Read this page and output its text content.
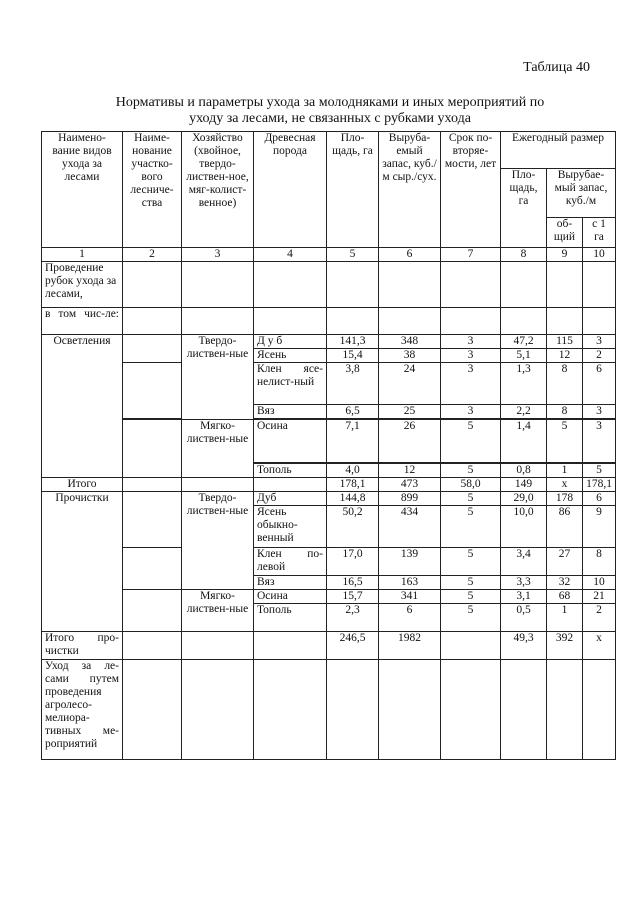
Таблица 40
Нормативы и параметры ухода за молодняками и иных мероприятий по
уходу за лесами, не связанных с рубками ухода
Наимено-вание видов ухода за лесами	Наиме-нование участко-вого лесниче-ства	Хозяйство (хвойное, твердо-листвен-ное, мяг-колист-венное)	Древесная порода	Пло-щадь, га	Выруба-емый запас, куб./м сыр./сух.	Срок по-вторяе-мости, лет	Ежегодный размер		
							Пло-щадь, га	Вырубае-мый запас, куб./м	
								об-щий	с 1 га
1	2	3	4	5	6	7	8	9	10
Проведение рубок ухода за лесами,									
в том чис-ле:									
Осветления		Твердо-листвен-ные	Д у б	141,3	348	3	47,2	115	3
			Ясень	15,4	38	3	5,1	12	2
			Клен ясе-нелист-ный	3,8	24	3	1,3	8	6
			Вяз	6,5	25	3	2,2	8	3

		Мягко-листвен-ные	Осина	7,1	26	5	1,4	5	3

			Тополь	4,0	12	5	0,8	1	5
Итого				178,1	473	58,0	149	x	178,1
Прочистки		Твердо-листвен-ные	Дуб	144,8	899	5	29,0	178	6
			Ясень обыкно-венный	50,2	434	5	10,0	86	9
			Клен по-левой	17,0	139	5	3,4	27	8
			Вяз	16,5	163	5	3,3	32	10
		Мягко-листвен-ные	Осина	15,7	341	5	3,1	68	21
			Тополь	2,3	6	5	0,5	1	2
Итого про-чистки				246,5	1982		49,3	392	x
Уход за ле-сами путем проведения агролесо-мелиора-тивных ме-роприятий									
